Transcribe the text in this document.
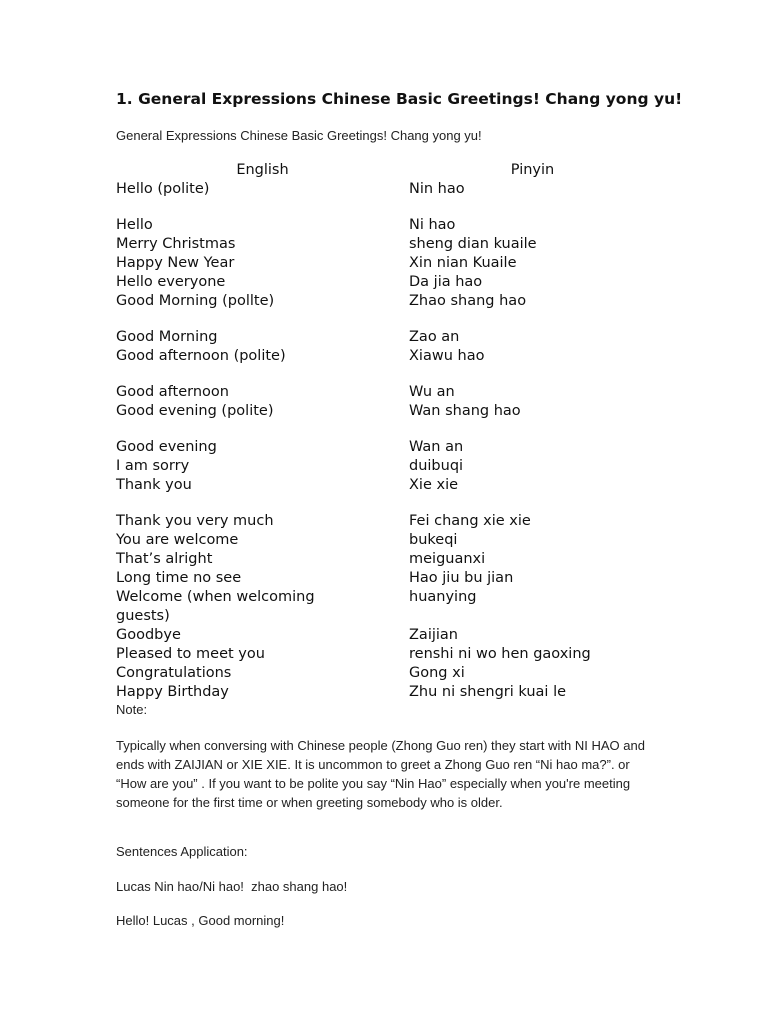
1. General Expressions Chinese Basic Greetings! Chang yong yu!

General Expressions Chinese Basic Greetings! Chang yong yu!

English	Pinyin
Hello (polite)	Nin hao
Hello	Ni hao
Merry Christmas	sheng dian kuaile
Happy New Year	Xin nian Kuaile
Hello everyone	Da jia hao
Good Morning (pollte)	Zhao shang hao
Good Morning	Zao an
Good afternoon (polite)	Xiawu hao
Good afternoon	Wu an
Good evening (polite)	Wan shang hao
Good evening	Wan an
I am sorry	duibuqi
Thank you	Xie xie
Thank you very much	Fei chang xie xie
You are welcome	bukeqi
That’s alright	meiguanxi
Long time no see	Hao jiu bu jian
Welcome (when welcoming	huanying
guests)
Goodbye	Zaijian
Pleased to meet you	renshi ni wo hen gaoxing
Congratulations	Gong xi
Happy Birthday	Zhu ni shengri kuai le

Note:

Typically when conversing with Chinese people (Zhong Guo ren) they start with NI HAO and ends with ZAIJIAN or XIE XIE. It is uncommon to greet a Zhong Guo ren “Ni hao ma?”. or “How are you” . If you want to be polite you say “Nin Hao” especially when you're meeting someone for the first time or when greeting somebody who is older.

Sentences Application:

Lucas Nin hao/Ni hao!  zhao shang hao!

Hello! Lucas , Good morning!
